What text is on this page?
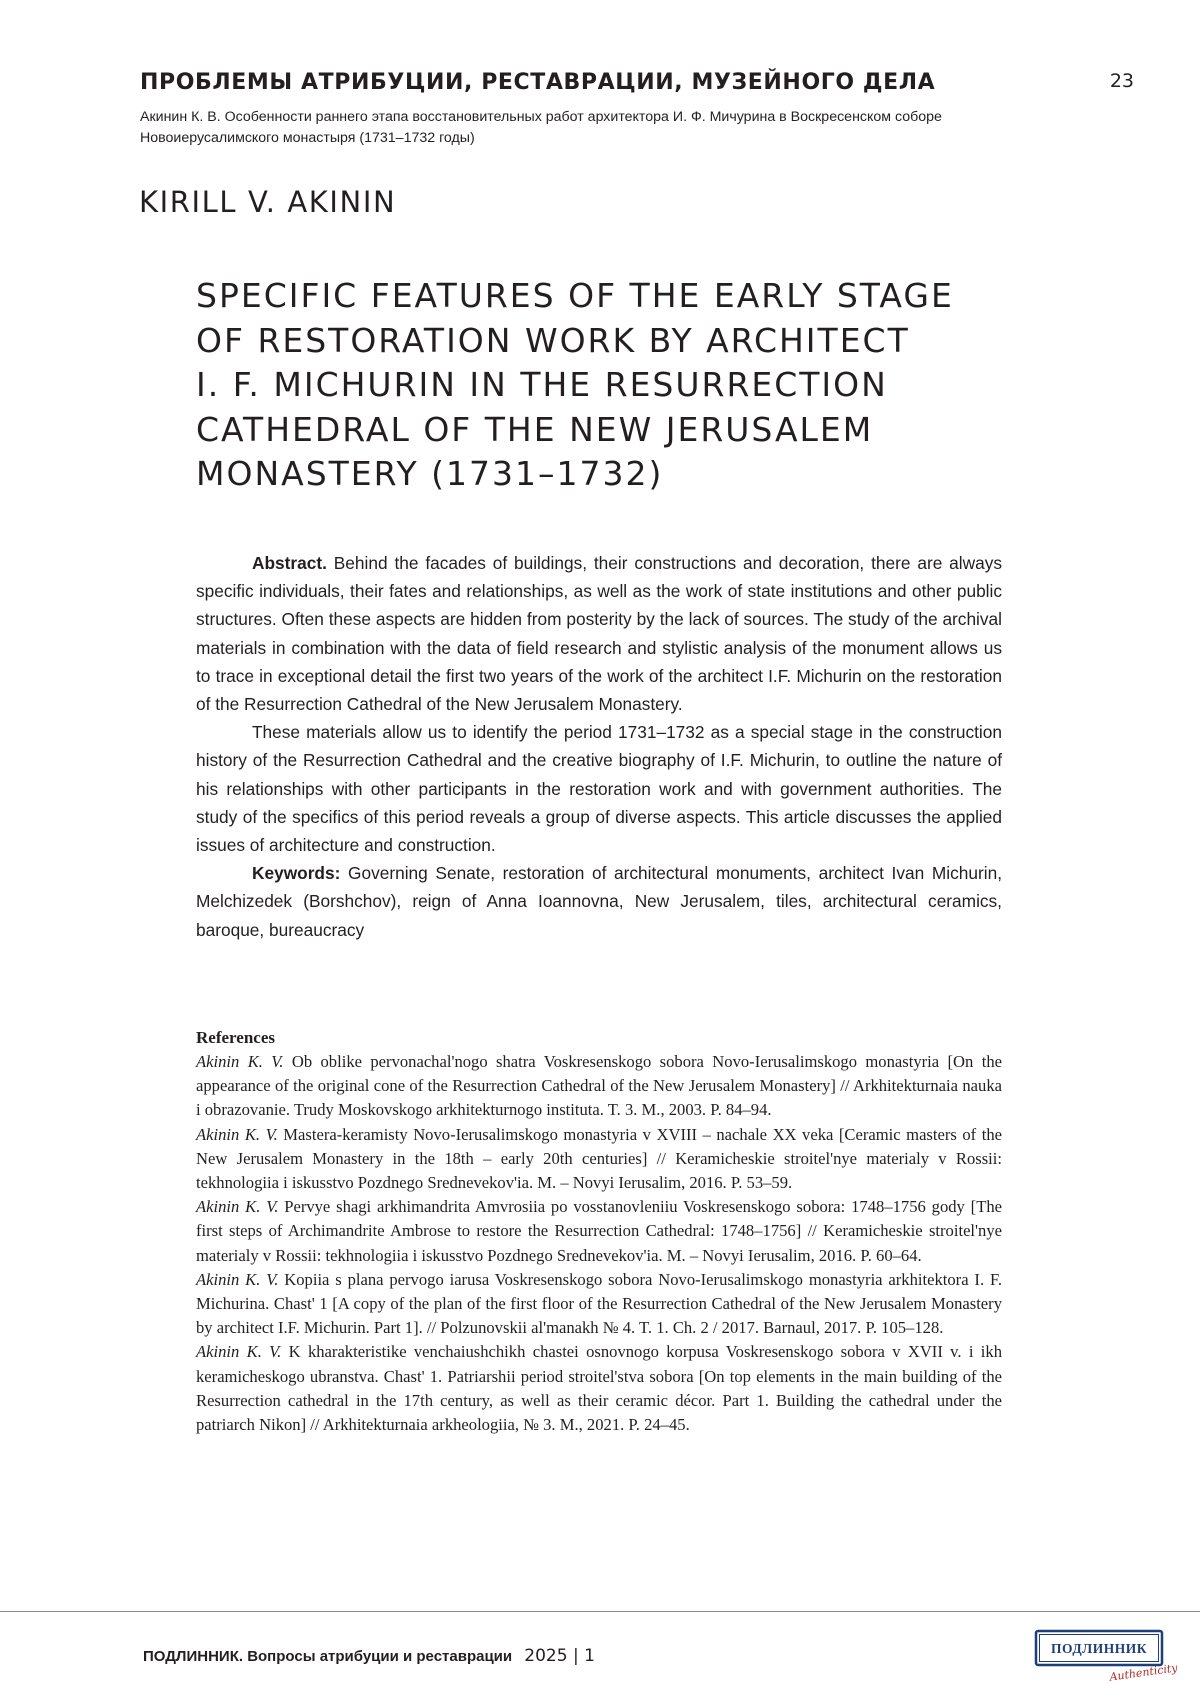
ПРОБЛЕМЫ АТРИБУЦИИ, РЕСТАВРАЦИИ, МУЗЕЙНОГО ДЕЛА	23
Акинин К. В. Особенности раннего этапа восстановительных работ архитектора И. Ф. Мичурина в Воскресенском соборе Новоиерусалимского монастыря (1731–1732 годы)
KIRILL V. AKININ
SPECIFIC FEATURES OF THE EARLY STAGE
OF RESTORATION WORK BY ARCHITECT
I. F. MICHURIN IN THE RESURRECTION
CATHEDRAL OF THE NEW JERUSALEM
MONASTERY (1731–1732)

Abstract. Behind the facades of buildings, their constructions and decoration, there are always specific individuals, their fates and relationships, as well as the work of state institutions and other public structures. Often these aspects are hidden from posterity by the lack of sources. The study of the archival materials in combination with the data of field research and stylistic analysis of the monument allows us to trace in exceptional detail the first two years of the work of the architect I.F. Michurin on the restoration of the Resurrection Cathedral of the New Jerusalem Monastery.

These materials allow us to identify the period 1731–1732 as a special stage in the construction history of the Resurrection Cathedral and the creative biography of I.F. Michurin, to outline the nature of his relationships with other participants in the restoration work and with government authorities. The study of the specifics of this period reveals a group of diverse aspects. This article discusses the applied issues of architecture and construction.

Keywords: Governing Senate, restoration of architectural monuments, architect Ivan Michurin, Melchizedek (Borshchov), reign of Anna Ioannovna, New Jerusalem, tiles, architectural ceramics, baroque, bureaucracy

References

Akinin K. V. Ob oblike pervonachal'nogo shatra Voskresenskogo sobora Novo-Ierusalimskogo monastyria [On the appearance of the original cone of the Resurrection Cathedral of the New Jerusalem Monastery] // Arkhitekturnaia nauka i obrazovanie. Trudy Moskovskogo arkhitekturnogo instituta. T. 3. M., 2003. P. 84–94.

Akinin K. V. Mastera-keramisty Novo-Ierusalimskogo monastyria v XVIII – nachale XX veka [Ceramic masters of the New Jerusalem Monastery in the 18th – early 20th centuries] // Keramicheskie stroitel'nye materialy v Rossii: tekhnologiia i iskusstvo Pozdnego Srednevekov'ia. M. – Novyi Ierusalim, 2016. P. 53–59.

Akinin K. V. Pervye shagi arkhimandrita Amvrosiia po vosstanovleniiu Voskresenskogo sobora: 1748–1756 gody [The first steps of Archimandrite Ambrose to restore the Resurrection Cathedral: 1748–1756] // Keramicheskie stroitel'nye materialy v Rossii: tekhnologiia i iskusstvo Pozdnego Srednevekov'ia. M. – Novyi Ierusalim, 2016. P. 60–64.

Akinin K. V. Kopiia s plana pervogo iarusa Voskresenskogo sobora Novo-Ierusalimskogo monastyria arkhitektora I. F. Michurina. Chast' 1 [A copy of the plan of the first floor of the Resurrection Cathedral of the New Jerusalem Monastery by architect I.F. Michurin. Part 1]. // Polzunovskii al'manakh № 4. T. 1. Ch. 2 / 2017. Barnaul, 2017. P. 105–128.

Akinin K. V. K kharakteristike venchaiushchikh chastei osnovnogo korpusa Voskresenskogo sobora v XVII v. i ikh keramicheskogo ubranstva. Chast' 1. Patriarshii period stroitel'stva sobora [On top elements in the main building of the Resurrection cathedral in the 17th century, as well as their ceramic décor. Part 1. Building the cathedral under the patriarch Nikon] // Arkhitekturnaia arkheologiia, № 3. M., 2021. P. 24–45.

ПОДЛИННИК. Вопросы атрибуции и реставрации 2025 | 1	ПОДЛИННИК
Authenticity
